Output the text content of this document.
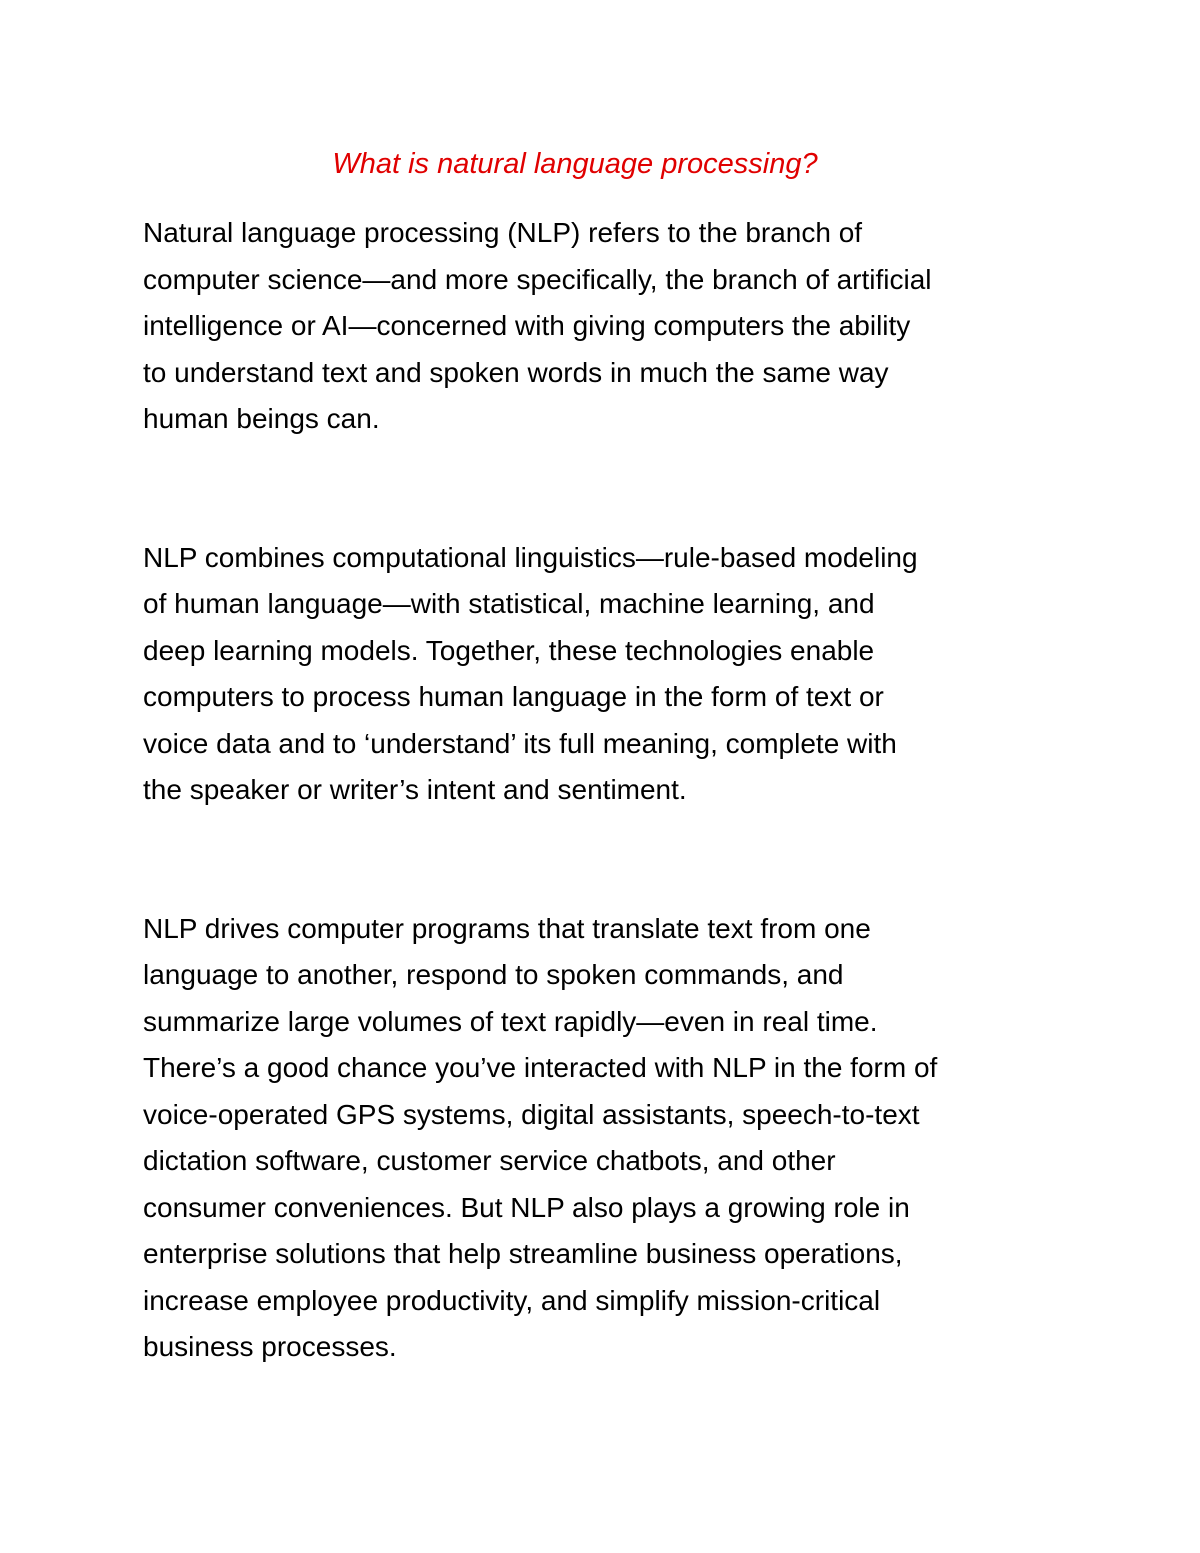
What is natural language processing?

Natural language processing (NLP) refers to the branch of
computer science—and more specifically, the branch of artificial
intelligence or AI—concerned with giving computers the ability
to understand text and spoken words in much the same way
human beings can.

NLP combines computational linguistics—rule-based modeling
of human language—with statistical, machine learning, and
deep learning models. Together, these technologies enable
computers to process human language in the form of text or
voice data and to ‘understand’ its full meaning, complete with
the speaker or writer’s intent and sentiment.

NLP drives computer programs that translate text from one
language to another, respond to spoken commands, and
summarize large volumes of text rapidly—even in real time.
There’s a good chance you’ve interacted with NLP in the form of
voice-operated GPS systems, digital assistants, speech-to-text
dictation software, customer service chatbots, and other
consumer conveniences. But NLP also plays a growing role in
enterprise solutions that help streamline business operations,
increase employee productivity, and simplify mission-critical
business processes.
